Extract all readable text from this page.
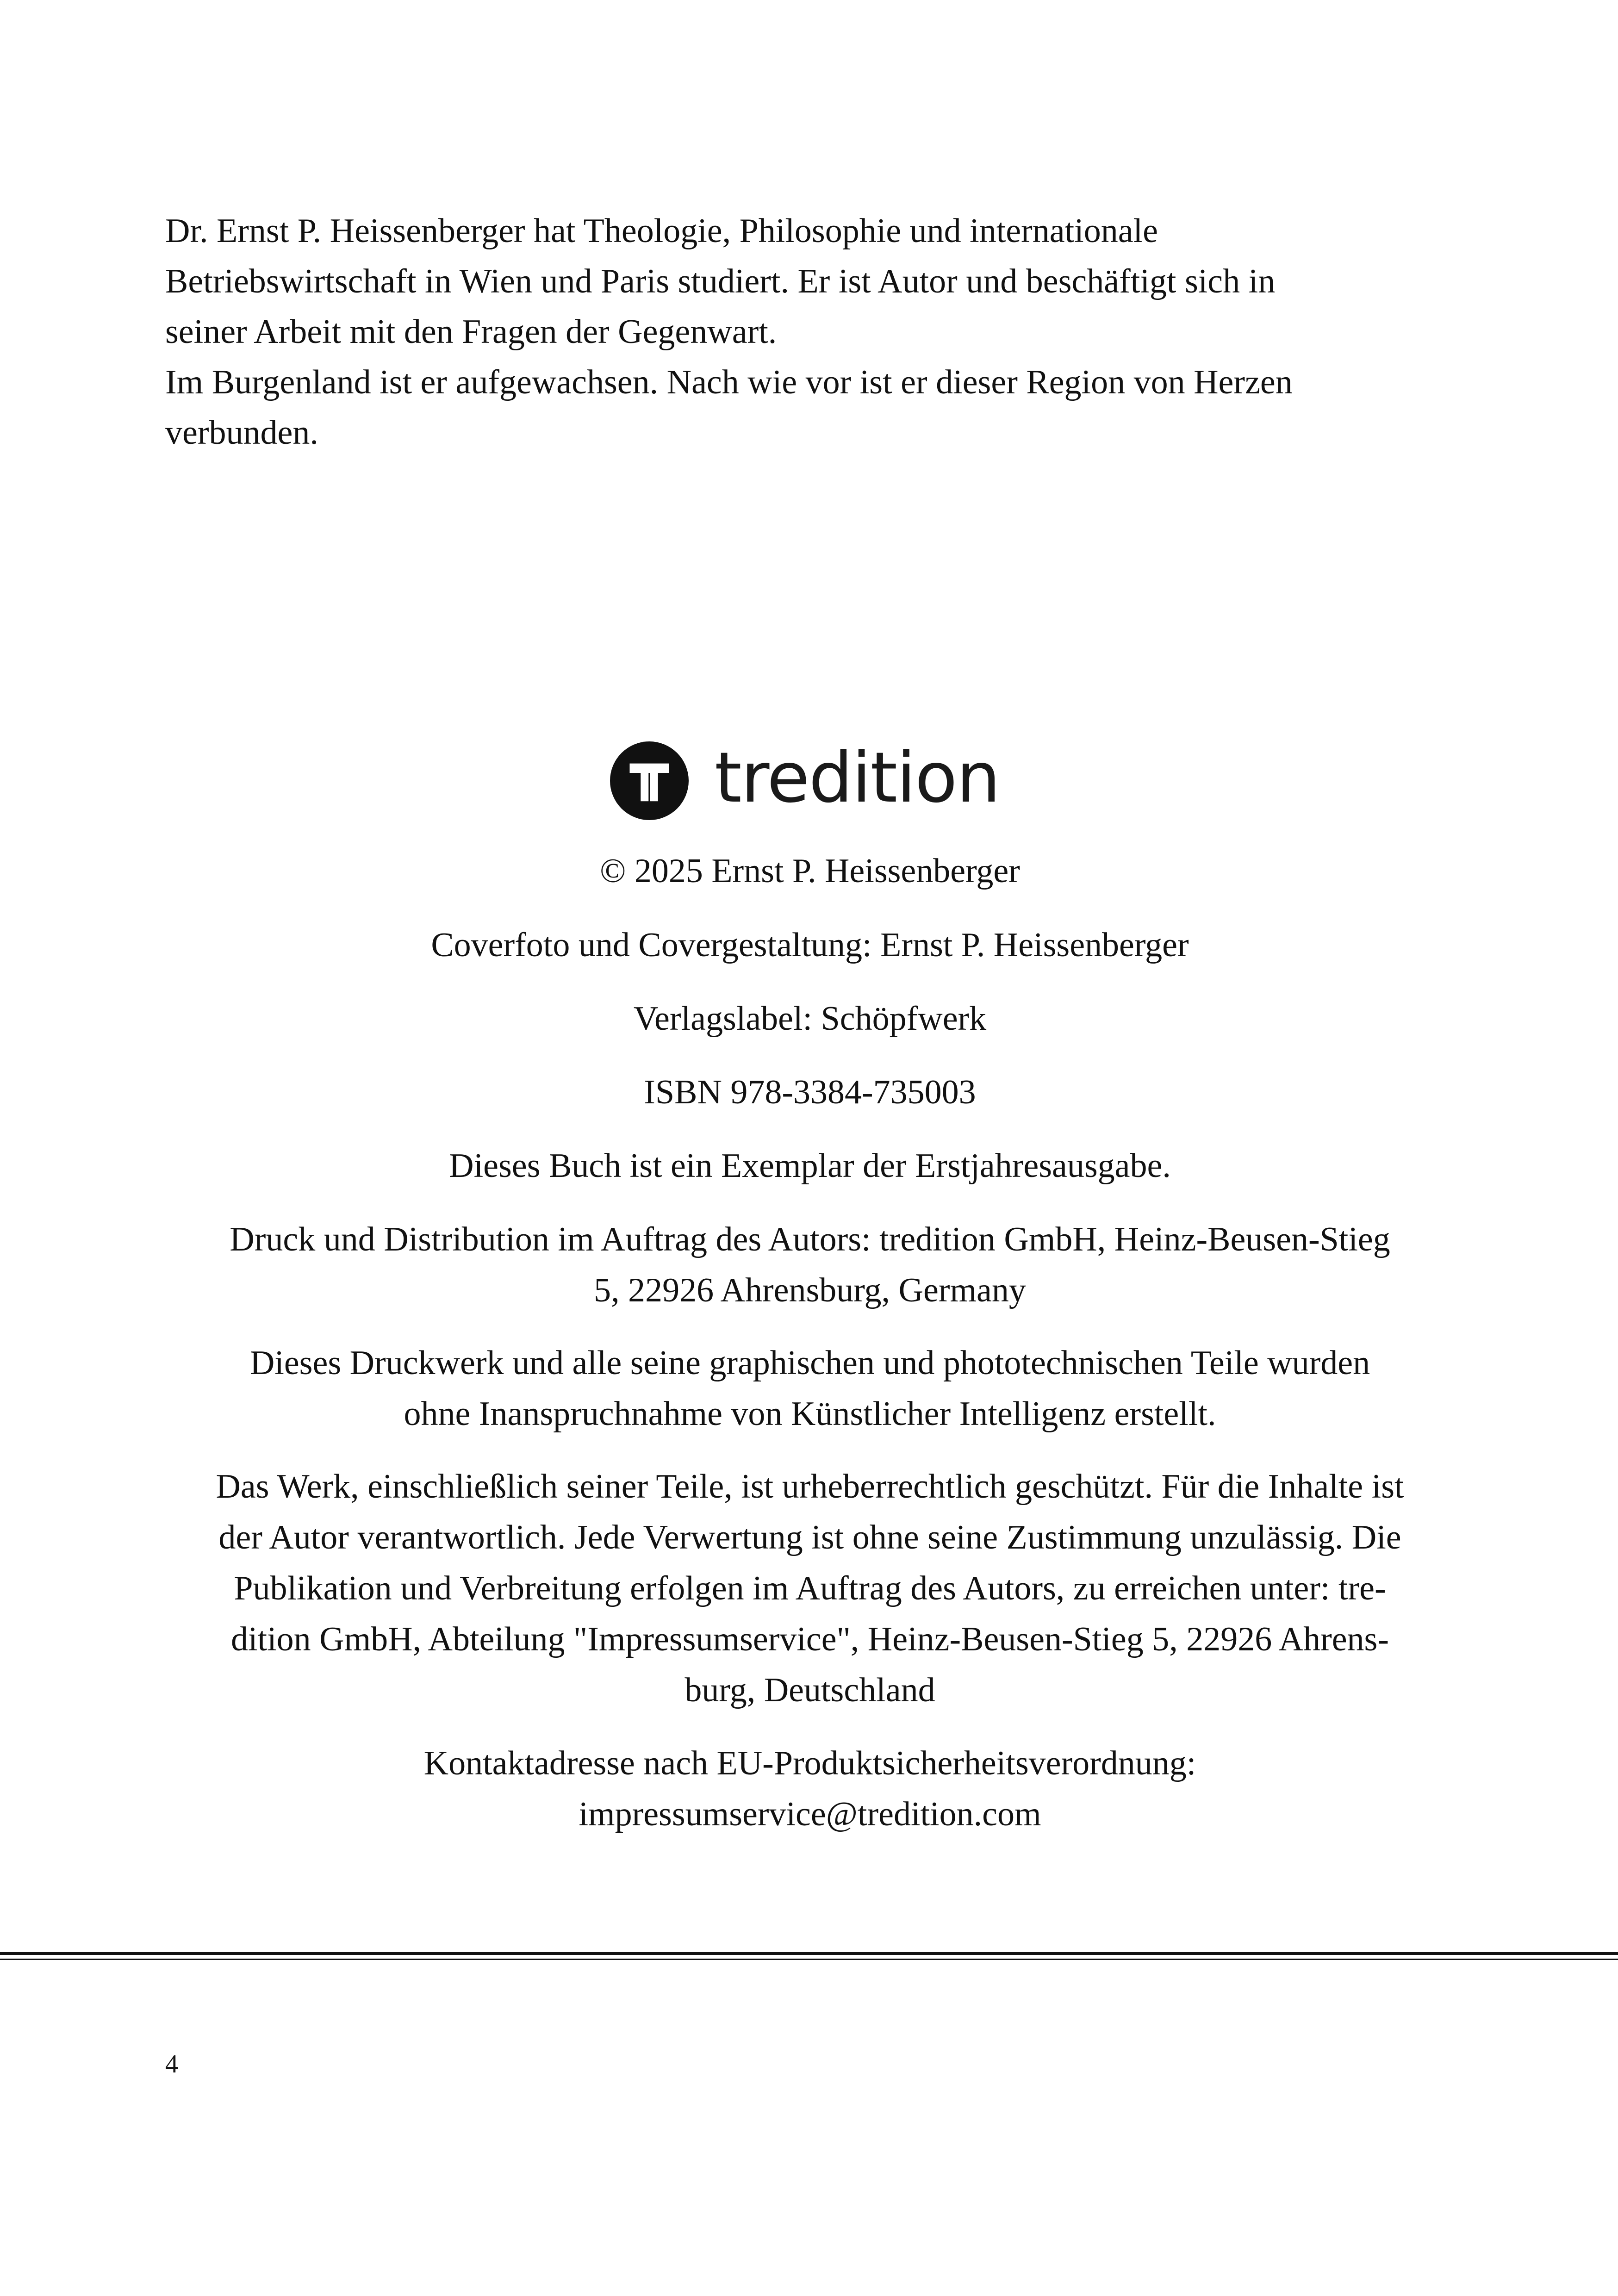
Dr. Ernst P. Heissenberger hat Theologie, Philosophie und internationale

Betriebswirtschaft in Wien und Paris studiert. Er ist Autor und beschäftigt sich in

seiner Arbeit mit den Fragen der Gegenwart.

Im Burgenland ist er aufgewachsen. Nach wie vor ist er dieser Region von Herzen

verbunden.

tredition

© 2025 Ernst P. Heissenberger

Coverfoto und Covergestaltung: Ernst P. Heissenberger

Verlagslabel: Schöpfwerk

ISBN 978-3384-735003

Dieses Buch ist ein Exemplar der Erstjahresausgabe.

Druck und Distribution im Auftrag des Autors: tredition GmbH, Heinz-Beusen-Stieg
5, 22926 Ahrensburg, Germany
Dieses Druckwerk und alle seine graphischen und phototechnischen Teile wurden
ohne Inanspruchnahme von Künstlicher Intelligenz erstellt.
Das Werk, einschließlich seiner Teile, ist urheberrechtlich geschützt. Für die Inhalte ist
der Autor verantwortlich. Jede Verwertung ist ohne seine Zustimmung unzulässig. Die
Publikation und Verbreitung erfolgen im Auftrag des Autors, zu erreichen unter: tre-
dition GmbH, Abteilung "Impressumservice", Heinz-Beusen-Stieg 5, 22926 Ahrens-
burg, Deutschland
Kontaktadresse nach EU-Produktsicherheitsverordnung:
impressumservice@tredition.com
4
